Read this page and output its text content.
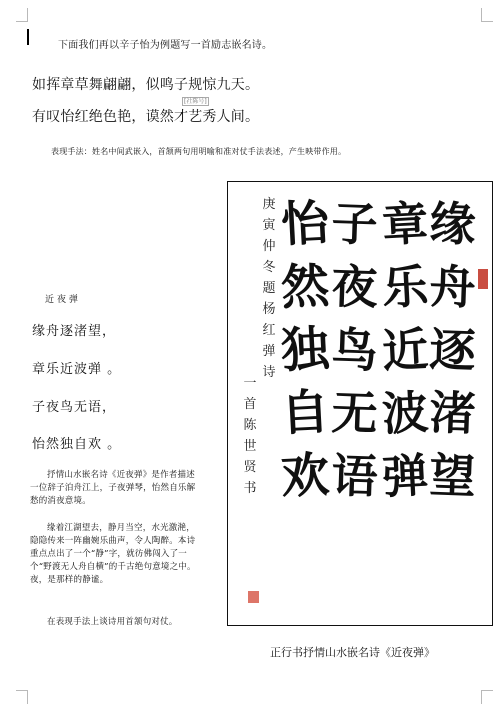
下面我们再以辛子怡为例题写一首励志嵌名诗。
如挥章草舞翩翩，似鸣子规惊九天。
[社陈号]
有叹怡红绝色艳，谟然才艺秀人间。
表现手法：姓名中间武嵌入，首颔两句用明喻和准对仗手法表述，产生映带作用。
近夜弹
缘舟逐渚望，
章乐近波弹 。
子夜鸟无语，
怡然独自欢 。
抒情山水嵌名诗《近夜弹》是作者描述一位辞子泊舟江上，子夜弹琴，怡然自乐解愁的消夜意境。
缘着江湖望去，静月当空，水光激滟，隐隐传来一阵幽婉乐曲声，令人陶醉。本诗重点点出了一个“静”字，就彷佛闯入了一个“野渡无人舟自横”的千古绝句意境之中。夜，是那样的静谧。
在表现手法上谈诗用首颔句对仗。
缘
舟
逐
渚
望
章
乐
近
波
弹
子
夜
鸟
无
语
怡
然
独
自
欢
庚
寅
仲
冬
题
杨
红
弹
诗
一
首
陈
世
贤
书
正行书抒情山水嵌名诗《近夜弹》
